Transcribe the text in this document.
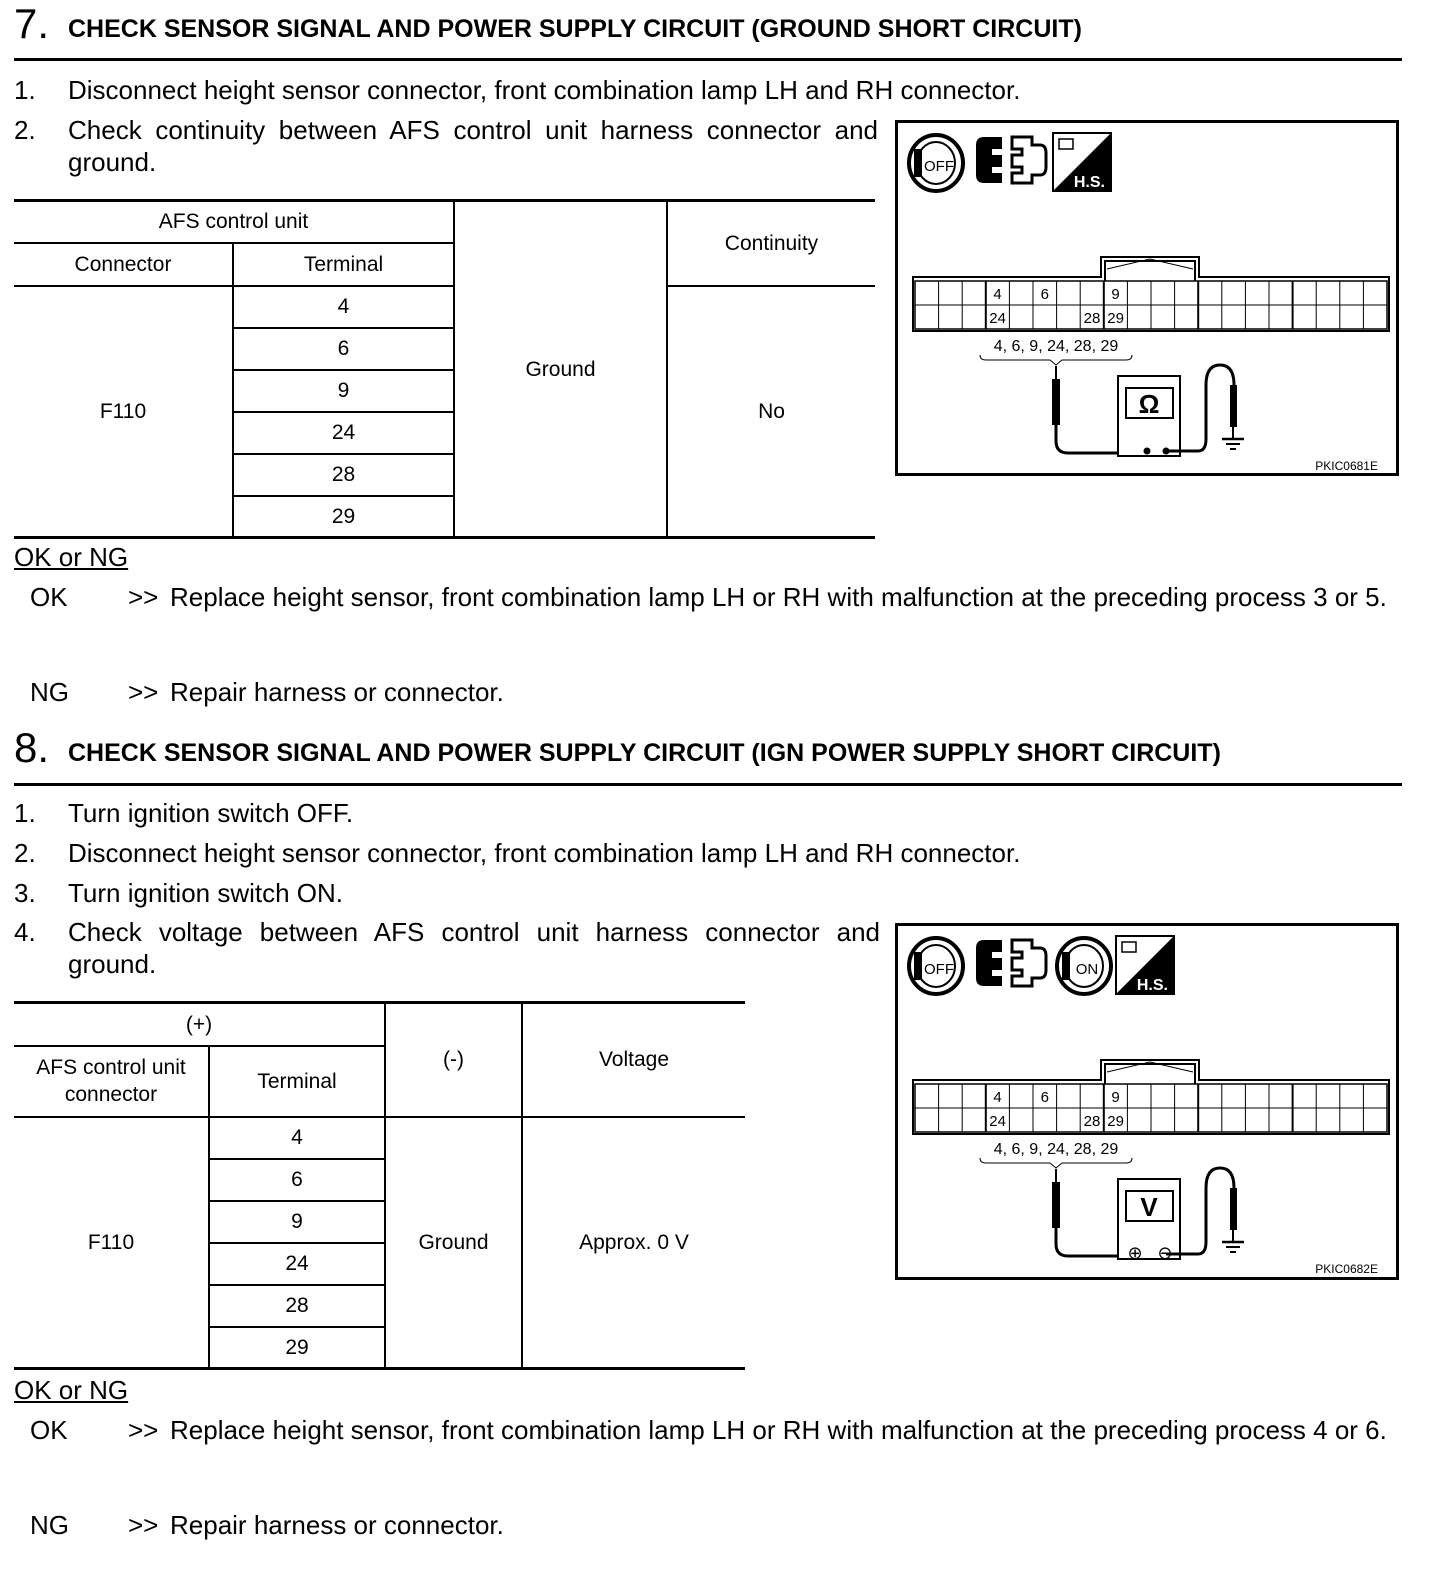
7. CHECK SENSOR SIGNAL AND POWER SUPPLY CIRCUIT (GROUND SHORT CIRCUIT)
1. Disconnect height sensor connector, front combination lamp LH and RH connector.
2. Check continuity between AFS control unit harness connector and ground.
AFS control unit		Ground	Continuity
Connector	Terminal		
F110	4		No
	6		
	9		
	24		
	28		
	29		
OFF
H.S.
4	6	9
24	28 29
4, 6, 9, 24, 28, 29
Ω
PKIC0681E
OK or NG
OK >> Replace height sensor, front combination lamp LH or RH with malfunction at the preceding process 3 or 5.
NG >> Repair harness or connector.
8. CHECK SENSOR SIGNAL AND POWER SUPPLY CIRCUIT (IGN POWER SUPPLY SHORT CIRCUIT)
1. Turn ignition switch OFF.
2. Disconnect height sensor connector, front combination lamp LH and RH connector.
3. Turn ignition switch ON.
4. Check voltage between AFS control unit harness connector and ground.
(+)		(-)	Voltage
AFS control unit connector	Terminal		
F110	4	Ground	Approx. 0 V
	6		
	9		
	24		
	28		
	29		
OFF	ON
H.S.
4	6	9
24	28 29
4, 6, 9, 24, 28, 29
V
⊕ ⊖
PKIC0682E
OK or NG
OK >> Replace height sensor, front combination lamp LH or RH with malfunction at the preceding process 4 or 6.
NG >> Repair harness or connector.
